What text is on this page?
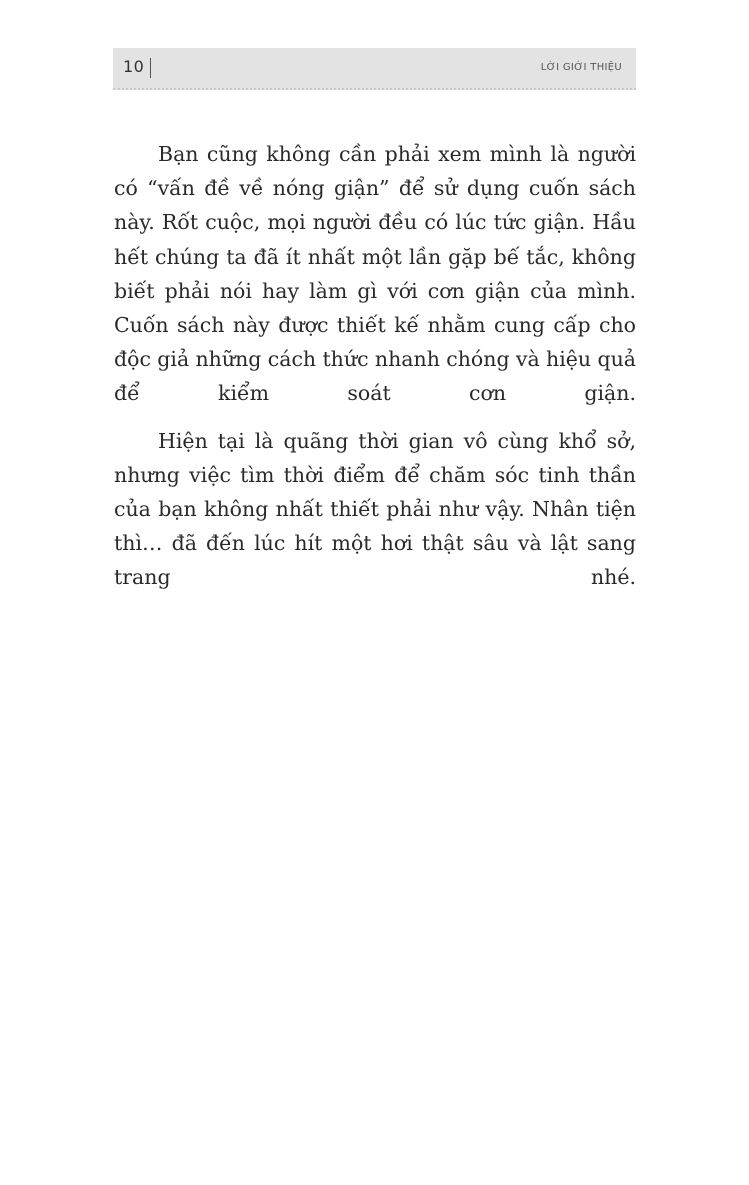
10	LỜI GIỚI THIỆU

Bạn cũng không cần phải xem mình là người có “vấn đề về nóng giận” để sử dụng cuốn sách này. Rốt cuộc, mọi người đều có lúc tức giận. Hầu hết chúng ta đã ít nhất một lần gặp bế tắc, không biết phải nói hay làm gì với cơn giận của mình. Cuốn sách này được thiết kế nhằm cung cấp cho độc giả những cách thức nhanh chóng và hiệu quả để kiểm soát cơn giận.

Hiện tại là quãng thời gian vô cùng khổ sở, nhưng việc tìm thời điểm để chăm sóc tinh thần của bạn không nhất thiết phải như vậy. Nhân tiện thì… đã đến lúc hít một hơi thật sâu và lật sang trang nhé.
